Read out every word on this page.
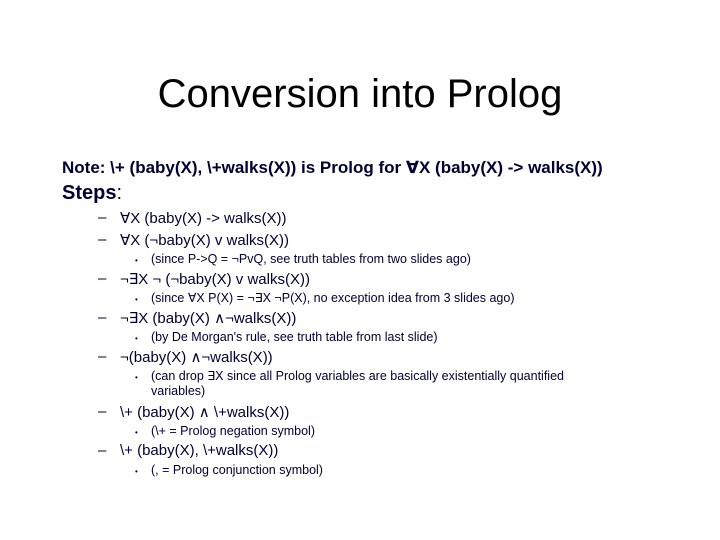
Conversion into Prolog
Note: \+ (baby(X), \+walks(X)) is Prolog for ∀X (baby(X) -> walks(X))
Steps:
– ∀X (baby(X) -> walks(X))
– ∀X (¬baby(X) v walks(X))
• (since P->Q = ¬PvQ, see truth tables from two slides ago)
– ¬∃X ¬ (¬baby(X) v walks(X))
• (since ∀X P(X) = ¬∃X ¬P(X), no exception idea from 3 slides ago)
– ¬∃X (baby(X) ∧¬walks(X))
• (by De Morgan's rule, see truth table from last slide)
– ¬(baby(X) ∧¬walks(X))
• (can drop ∃X since all Prolog variables are basically existentially quantified
variables)
– \+ (baby(X) ∧ \+walks(X))
• (\+ = Prolog negation symbol)
– \+ (baby(X), \+walks(X))
• (, = Prolog conjunction symbol)
